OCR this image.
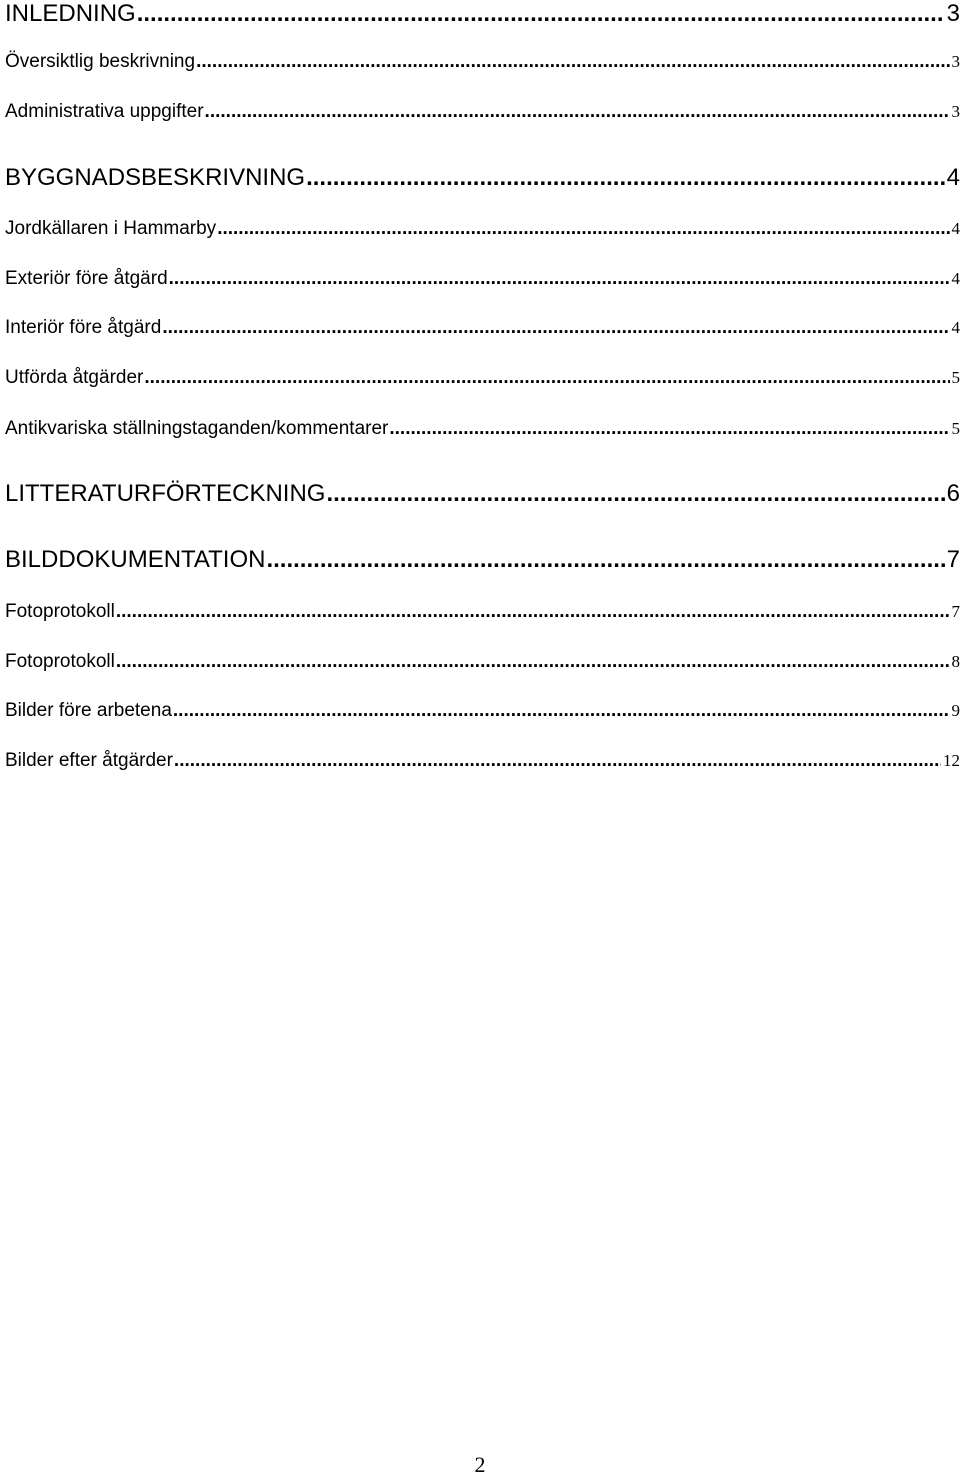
INLEDNING .....	3
Översiktlig beskrivning .....	3
Administrativa uppgifter .....	3
BYGGNADSBESKRIVNING .....	4
Jordkällaren i Hammarby .....	4
Exteriör före åtgärd .....	4
Interiör före åtgärd .....	4
Utförda åtgärder .....	5
Antikvariska ställningstaganden/kommentarer .....	5
LITTERATURFÖRTECKNING .....	6
BILDDOKUMENTATION .....	7
Fotoprotokoll .....	7
Fotoprotokoll .....	8
Bilder före arbetena .....	9
Bilder efter åtgärder .....	12
2
